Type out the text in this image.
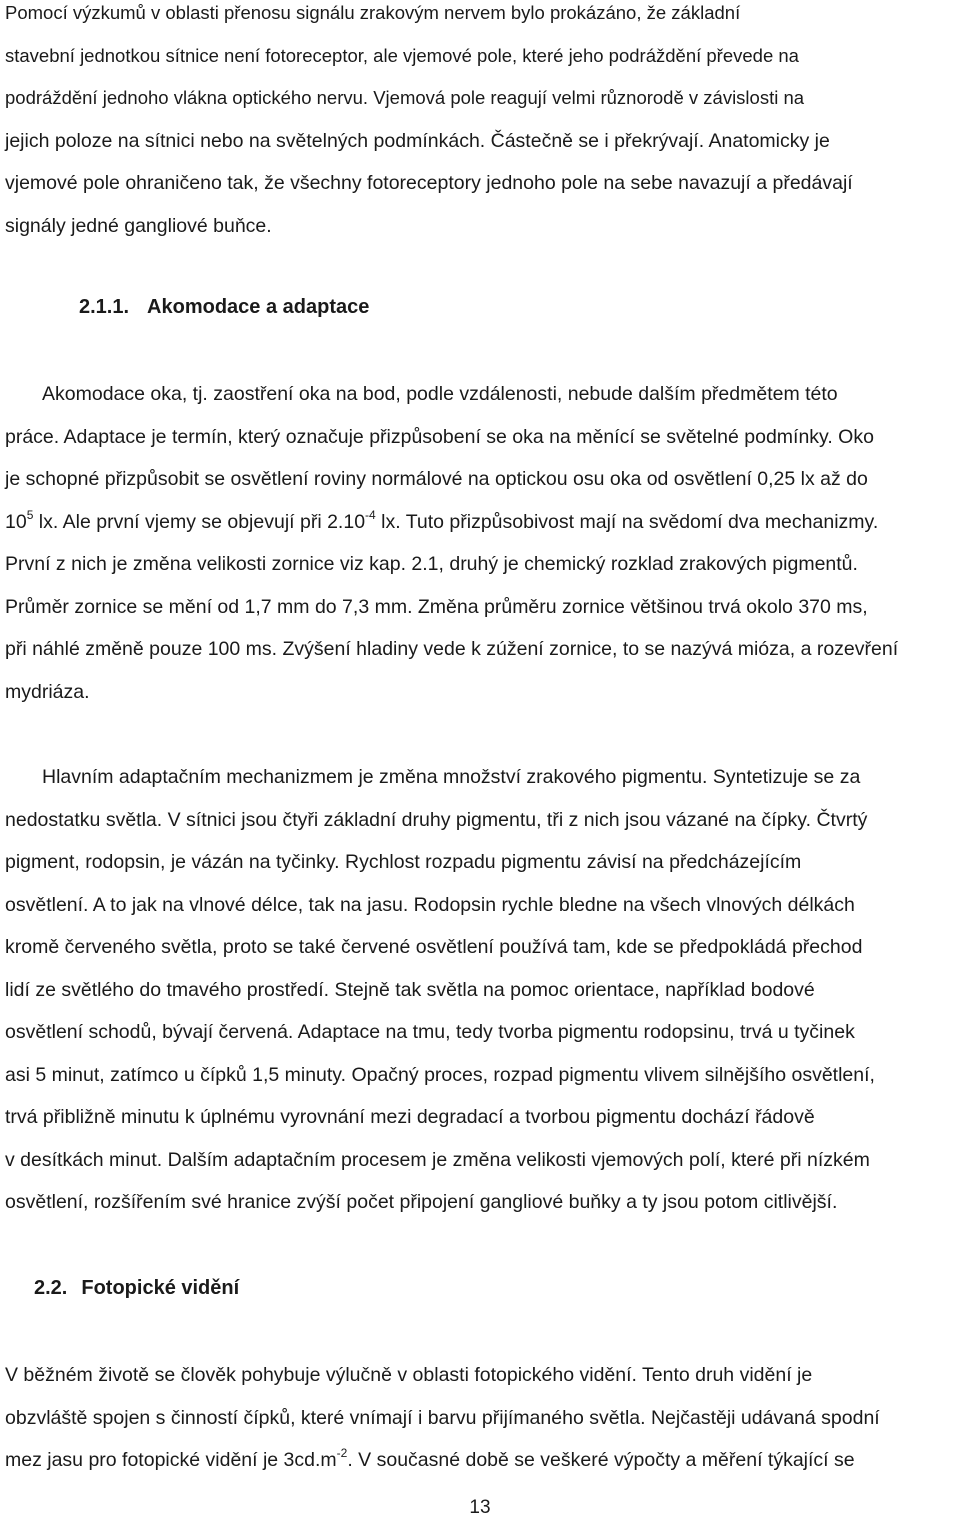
Pomocí výzkumů v oblasti přenosu signálu zrakovým nervem bylo prokázáno, že základní
stavební jednotkou sítnice není fotoreceptor, ale vjemové pole, které jeho podráždění převede na
podráždění jednoho vlákna optického nervu. Vjemová pole reagují velmi různorodě v závislosti na
jejich poloze na sítnici nebo na světelných podmínkách. Částečně se i překrývají. Anatomicky je
vjemové pole ohraničeno tak, že všechny fotoreceptory jednoho pole na sebe navazují a předávají
signály jedné gangliové buňce.

2.1.1. Akomodace a adaptace

Akomodace oka, tj. zaostření oka na bod, podle vzdálenosti, nebude dalším předmětem této
práce. Adaptace je termín, který označuje přizpůsobení se oka na měnící se světelné podmínky. Oko
je schopné přizpůsobit se osvětlení roviny normálové na optickou osu oka od osvětlení 0,25 lx až do
$10^5$ lx. Ale první vjemy se objevují při $2.10^{-4}$ lx. Tuto přizpůsobivost mají na svědomí dva mechanizmy.
První z nich je změna velikosti zornice viz kap. 2.1, druhý je chemický rozklad zrakových pigmentů.
Průměr zornice se mění od 1,7 mm do 7,3 mm. Změna průměru zornice většinou trvá okolo 370 ms,
při náhlé změně pouze 100 ms. Zvýšení hladiny vede k zúžení zornice, to se nazývá mióza, a rozevření
mydriáza.

Hlavním adaptačním mechanizmem je změna množství zrakového pigmentu. Syntetizuje se za
nedostatku světla. V sítnici jsou čtyři základní druhy pigmentu, tři z nich jsou vázané na čípky. Čtvrtý
pigment, rodopsin, je vázán na tyčinky. Rychlost rozpadu pigmentu závisí na předcházejícím
osvětlení. A to jak na vlnové délce, tak na jasu. Rodopsin rychle bledne na všech vlnových délkách
kromě červeného světla, proto se také červené osvětlení používá tam, kde se předpokládá přechod
lidí ze světlého do tmavého prostředí. Stejně tak světla na pomoc orientace, například bodové
osvětlení schodů, bývají červená. Adaptace na tmu, tedy tvorba pigmentu rodopsinu, trvá u tyčinek
asi 5 minut, zatímco u čípků 1,5 minuty. Opačný proces, rozpad pigmentu vlivem silnějšího osvětlení,
trvá přibližně minutu k úplnému vyrovnání mezi degradací a tvorbou pigmentu dochází řádově
v desítkách minut. Dalším adaptačním procesem je změna velikosti vjemových polí, které při nízkém
osvětlení, rozšířením své hranice zvýší počet připojení gangliové buňky a ty jsou potom citlivější.

2.2. Fotopické vidění

V běžném životě se člověk pohybuje výlučně v oblasti fotopického vidění. Tento druh vidění je
obzvláště spojen s činností čípků, které vnímají i barvu přijímaného světla. Nejčastěji udávaná spodní
mez jasu pro fotopické vidění je $3cd.m^{-2}$. V současné době se veškeré výpočty a měření týkající se

13
